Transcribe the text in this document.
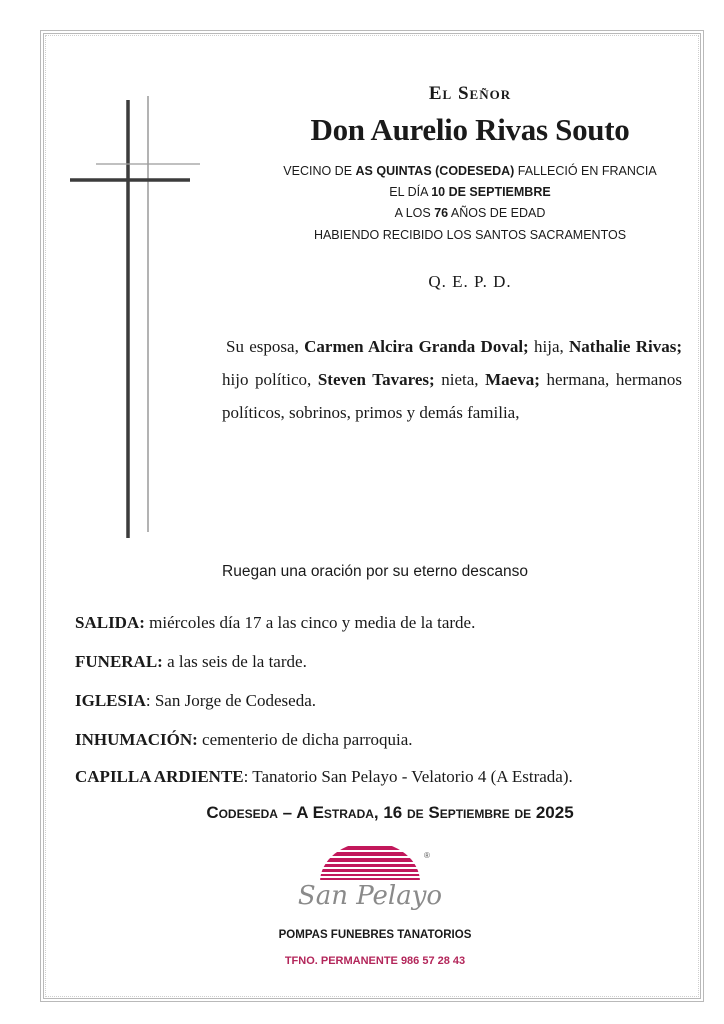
El Señor
Don Aurelio Rivas Souto
VECINO DE AS QUINTAS (CODESEDA) FALLECIÓ EN FRANCIA
EL DÍA 10 DE SEPTIEMBRE
A LOS 76 AÑOS DE EDAD
HABIENDO RECIBIDO LOS SANTOS SACRAMENTOS
Q. E. P. D.
Su esposa, Carmen Alcira Granda Doval; hija, Nathalie Rivas; hijo político, Steven Tavares; nieta, Maeva; hermana, hermanos políticos, sobrinos, primos y demás familia,
Ruegan una oración por su eterno descanso
SALIDA: miércoles día 17 a las cinco y media de la tarde.
FUNERAL: a las seis de la tarde.
IGLESIA: San Jorge de Codeseda.
INHUMACIÓN: cementerio de dicha parroquia.
CAPILLA ARDIENTE: Tanatorio San Pelayo - Velatorio 4 (A Estrada).
Codeseda – A Estrada, 16 de Septiembre de 2025
®
San Pelayo
POMPAS FUNEBRES TANATORIOS
TFNO. PERMANENTE 986 57 28 43
